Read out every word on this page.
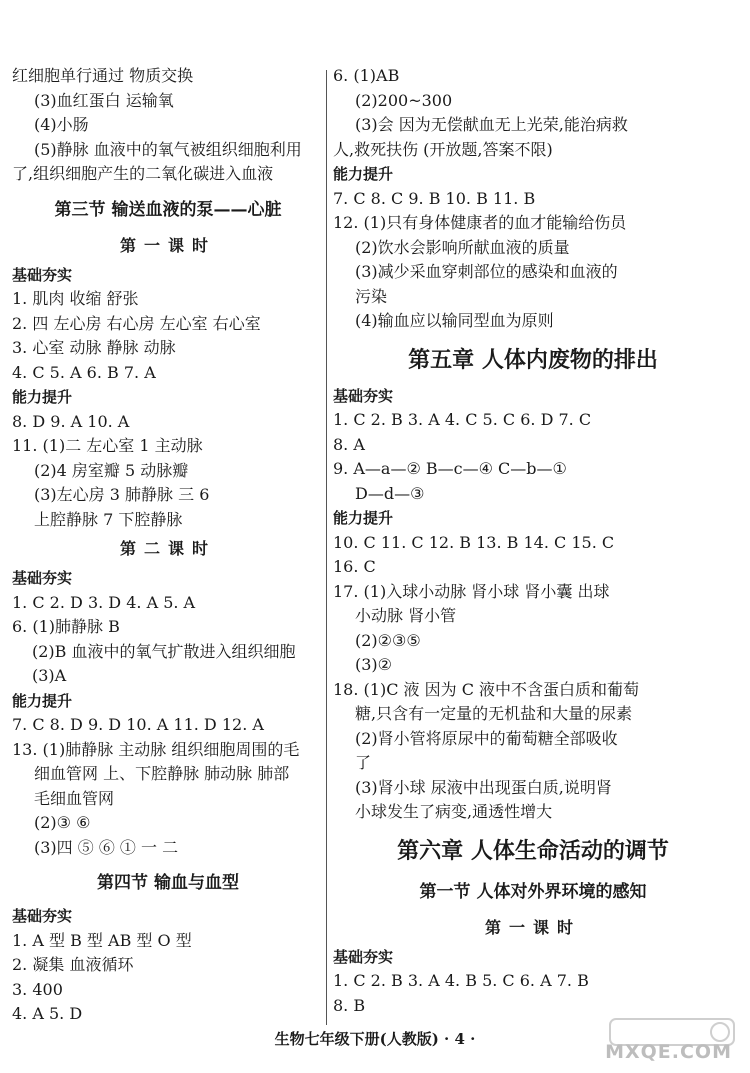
红细胞单行通过 物质交换
(3)血红蛋白 运输氧
(4)小肠
(5)静脉 血液中的氧气被组织细胞利用
了,组织细胞产生的二氧化碳进入血液
第三节 输送血液的泵——心脏
第一课时
基础夯实
1. 肌肉 收缩 舒张
2. 四 左心房 右心房 左心室 右心室
3. 心室 动脉 静脉 动脉
4. C 5. A 6. B 7. A
能力提升
8. D 9. A 10. A
11. (1)二 左心室 1 主动脉
(2)4 房室瓣 5 动脉瓣
(3)左心房 3 肺静脉 三 6
上腔静脉 7 下腔静脉
第二课时
基础夯实
1. C 2. D 3. D 4. A 5. A
6. (1)肺静脉 B
(2)B 血液中的氧气扩散进入组织细胞
(3)A
能力提升
7. C 8. D 9. D 10. A 11. D 12. A
13. (1)肺静脉 主动脉 组织细胞周围的毛
细血管网 上、下腔静脉 肺动脉 肺部
毛细血管网
(2)③ ⑥
(3)四 ⑤ ⑥ ① 一 二
第四节 输血与血型
基础夯实
1. A 型 B 型 AB 型 O 型
2. 凝集 血液循环
3. 400
4. A 5. D
6. (1)AB
(2)200~300
(3)会 因为无偿献血无上光荣,能治病救
人,救死扶伤 (开放题,答案不限)
能力提升
7. C 8. C 9. B 10. B 11. B
12. (1)只有身体健康者的血才能输给伤员
(2)饮水会影响所献血液的质量
(3)减少采血穿刺部位的感染和血液的
污染
(4)输血应以输同型血为原则
第五章 人体内废物的排出
基础夯实
1. C 2. B 3. A 4. C 5. C 6. D 7. C
8. A
9. A—a—② B—c—④ C—b—①
D—d—③
能力提升
10. C 11. C 12. B 13. B 14. C 15. C
16. C
17. (1)入球小动脉 肾小球 肾小囊 出球
小动脉 肾小管
(2)②③⑤
(3)②
18. (1)C 液 因为 C 液中不含蛋白质和葡萄
糖,只含有一定量的无机盐和大量的尿素
(2)肾小管将原尿中的葡萄糖全部吸收
了
(3)肾小球 尿液中出现蛋白质,说明肾
小球发生了病变,通透性增大
第六章 人体生命活动的调节
第一节 人体对外界环境的感知
第一课时
基础夯实
1. C 2. B 3. A 4. B 5. C 6. A 7. B
8. B
生物七年级下册(人教版) · 4 ·
MXQE.COM
